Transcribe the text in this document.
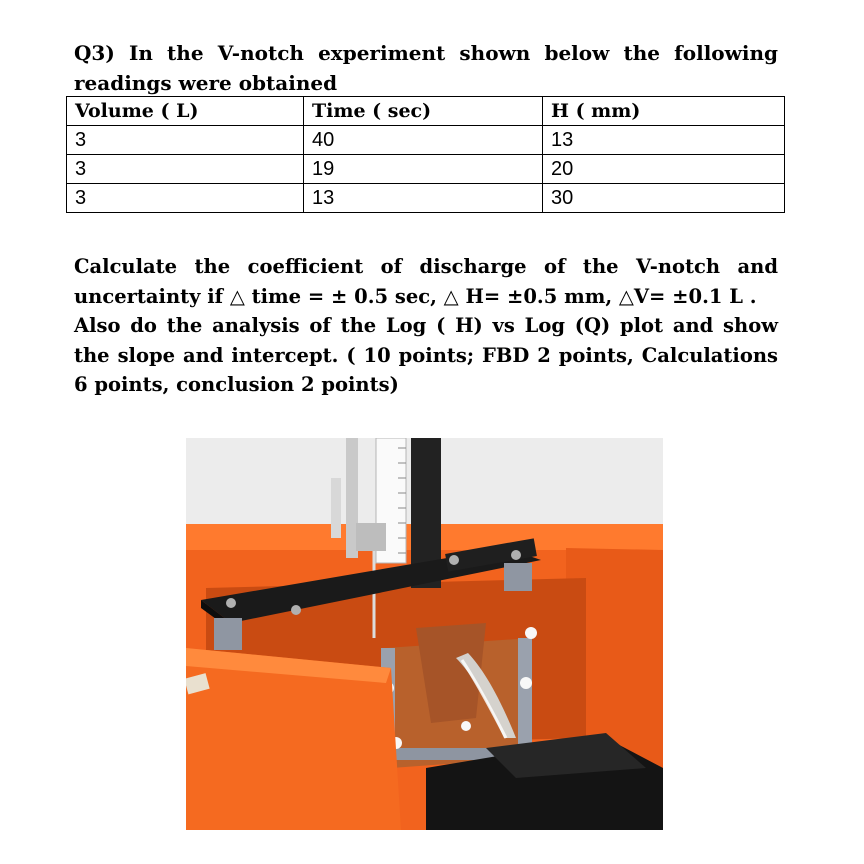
Q3) In the V-notch experiment shown below the following readings were obtained
Volume ( L)	Time ( sec)	H ( mm)
3	40	13
3	19	20
3	13	30

Calculate the coefficient of discharge of the V-notch and uncertainty if △ time = ± 0.5 sec, △ H= ±0.5 mm, △V= ±0.1 L .

Also do the analysis of the Log ( H) vs Log (Q) plot and show the slope and intercept. ( 10 points; FBD 2 points, Calculations 6 points, conclusion 2 points)
